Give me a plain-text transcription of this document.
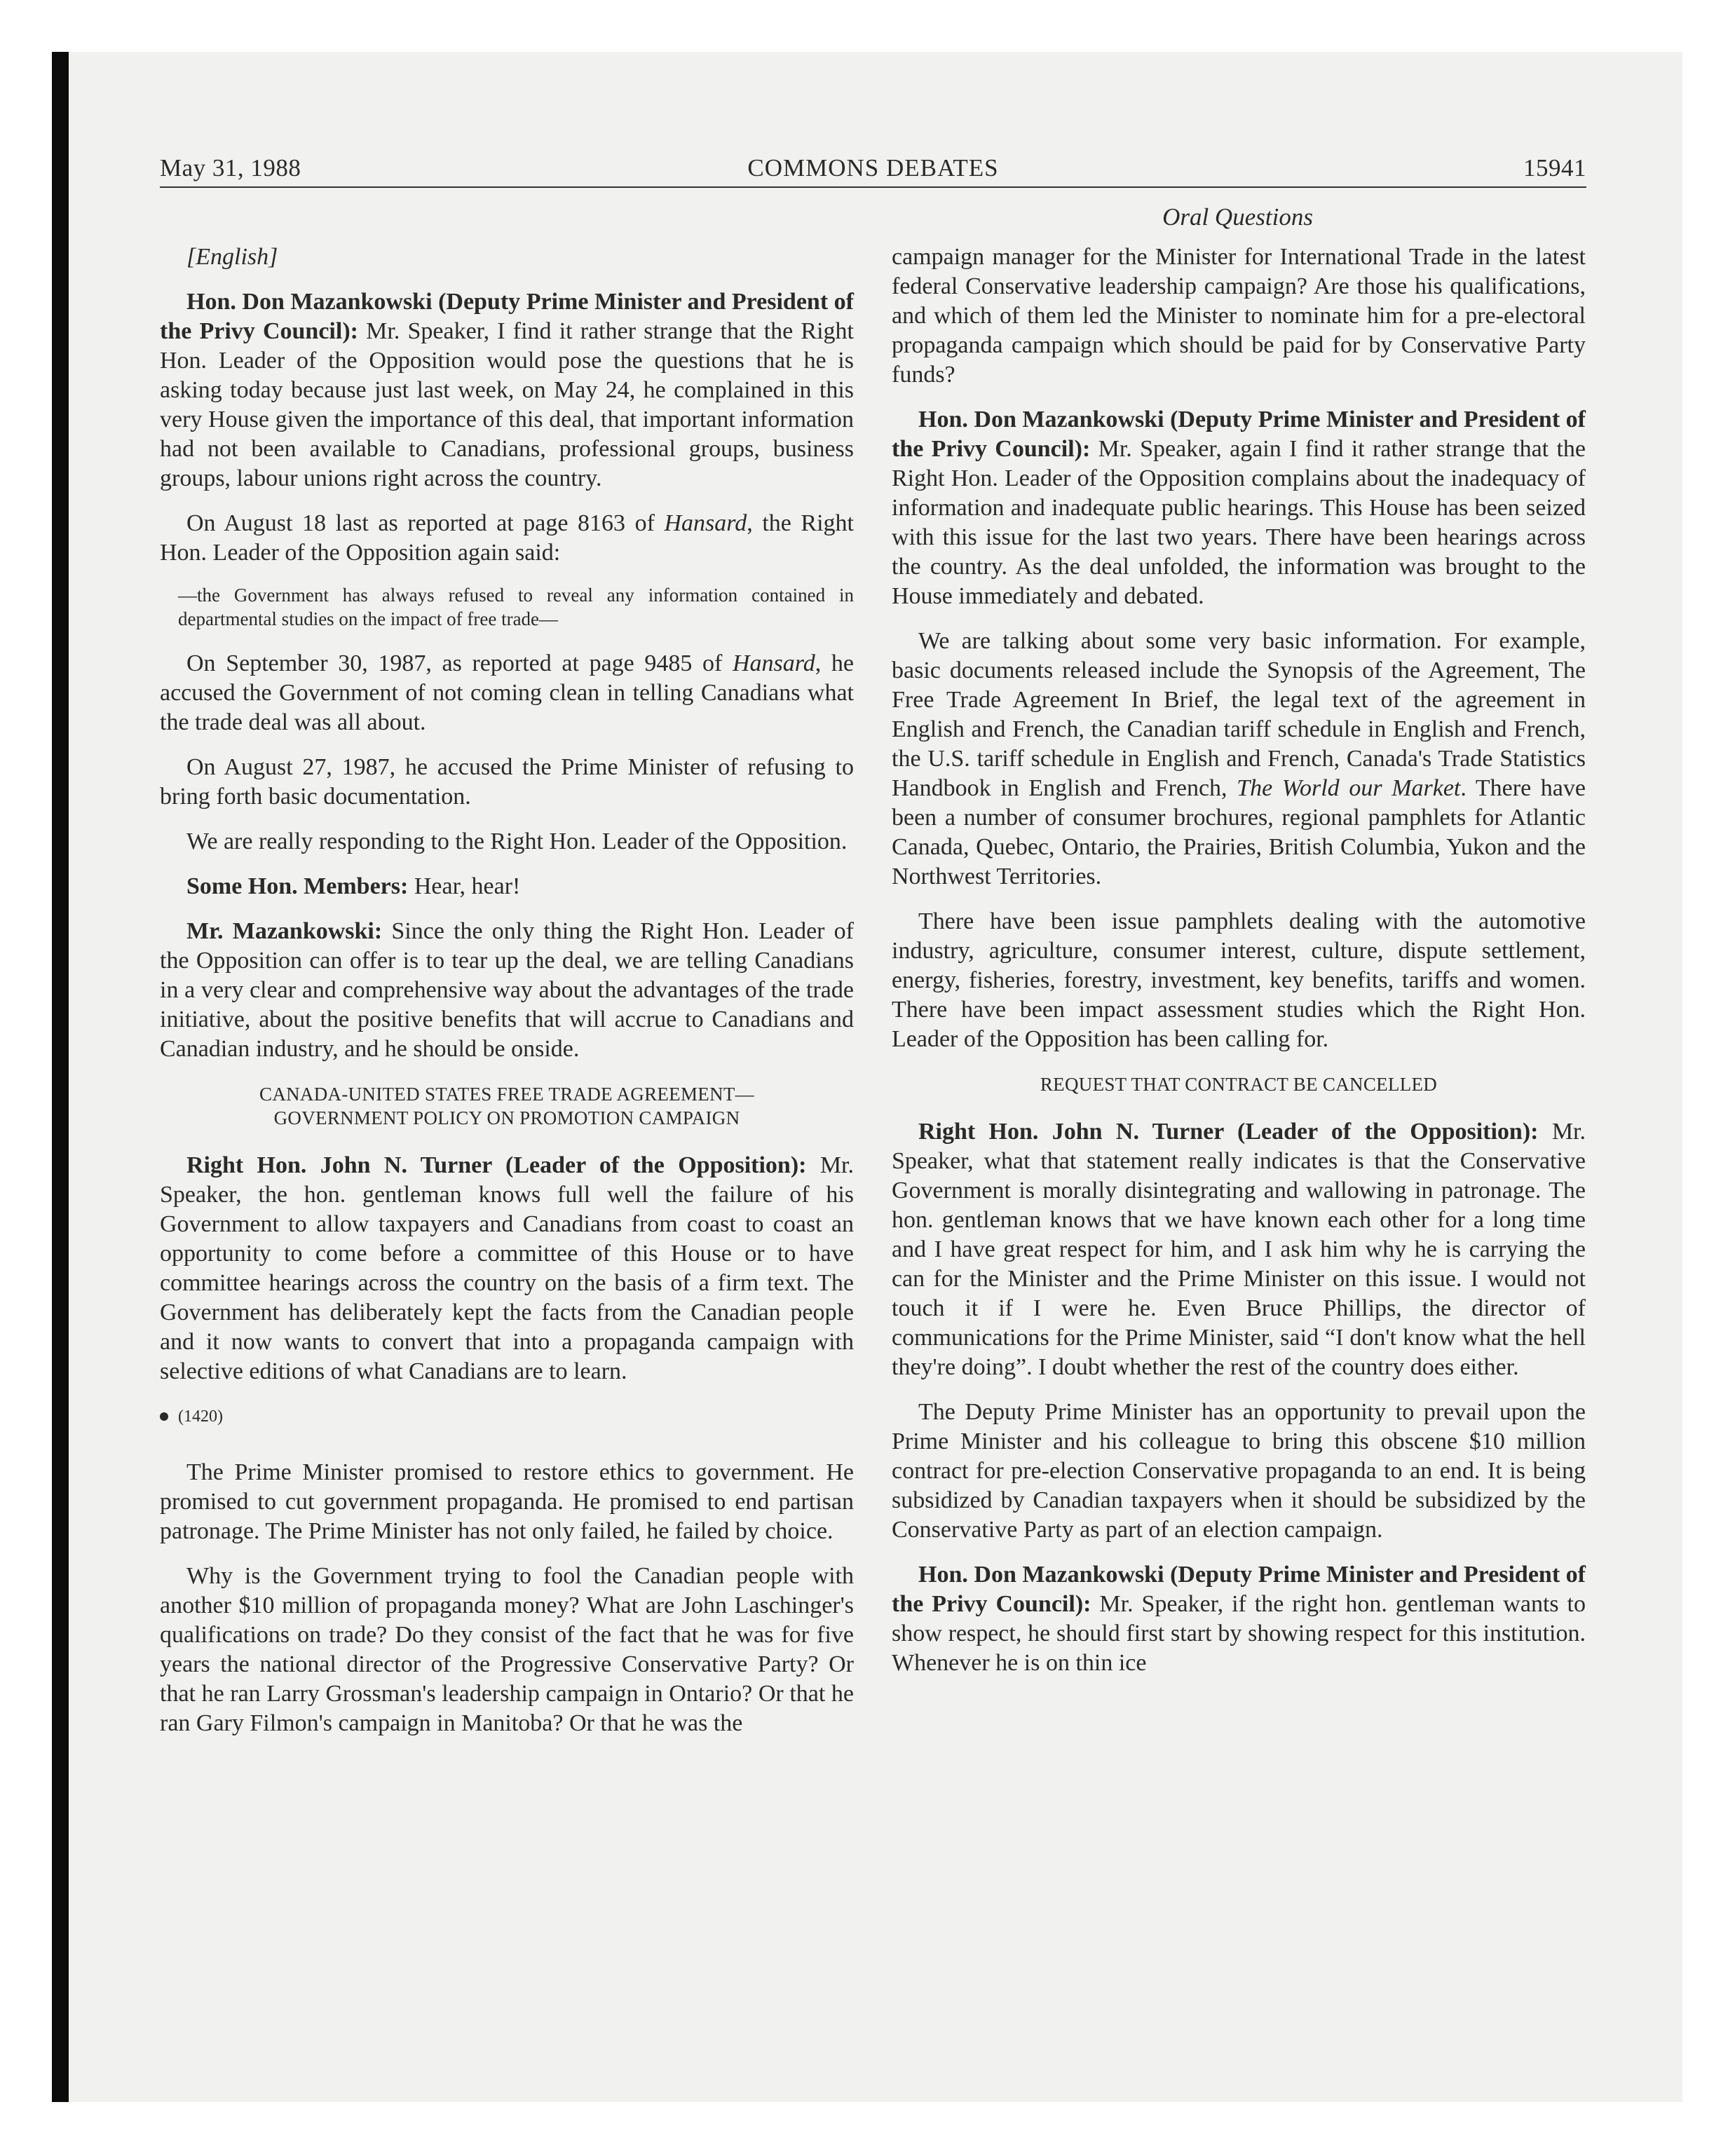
May 31, 1988	COMMONS DEBATES	15941
Oral Questions

[English]

Hon. Don Mazankowski (Deputy Prime Minister and President of the Privy Council): Mr. Speaker, I find it rather strange that the Right Hon. Leader of the Opposition would pose the questions that he is asking today because just last week, on May 24, he complained in this very House given the importance of this deal, that important information had not been available to Canadians, professional groups, business groups, labour unions right across the country.

On August 18 last as reported at page 8163 of Hansard, the Right Hon. Leader of the Opposition again said:

—the Government has always refused to reveal any information contained in departmental studies on the impact of free trade—

On September 30, 1987, as reported at page 9485 of Hansard, he accused the Government of not coming clean in telling Canadians what the trade deal was all about.

On August 27, 1987, he accused the Prime Minister of refusing to bring forth basic documentation.

We are really responding to the Right Hon. Leader of the Opposition.

Some Hon. Members: Hear, hear!

Mr. Mazankowski: Since the only thing the Right Hon. Leader of the Opposition can offer is to tear up the deal, we are telling Canadians in a very clear and comprehensive way about the advantages of the trade initiative, about the positive benefits that will accrue to Canadians and Canadian industry, and he should be onside.

CANADA-UNITED STATES FREE TRADE AGREEMENT—
GOVERNMENT POLICY ON PROMOTION CAMPAIGN

Right Hon. John N. Turner (Leader of the Opposition): Mr. Speaker, the hon. gentleman knows full well the failure of his Government to allow taxpayers and Canadians from coast to coast an opportunity to come before a committee of this House or to have committee hearings across the country on the basis of a firm text. The Government has deliberately kept the facts from the Canadian people and it now wants to convert that into a propaganda campaign with selective editions of what Canadians are to learn.

(1420)

The Prime Minister promised to restore ethics to government. He promised to cut government propaganda. He promised to end partisan patronage. The Prime Minister has not only failed, he failed by choice.

Why is the Government trying to fool the Canadian people with another $10 million of propaganda money? What are John Laschinger's qualifications on trade? Do they consist of the fact that he was for five years the national director of the Progressive Conservative Party? Or that he ran Larry Grossman's leadership campaign in Ontario? Or that he ran Gary Filmon's campaign in Manitoba? Or that he was the

campaign manager for the Minister for International Trade in the latest federal Conservative leadership campaign? Are those his qualifications, and which of them led the Minister to nominate him for a pre-electoral propaganda campaign which should be paid for by Conservative Party funds?

Hon. Don Mazankowski (Deputy Prime Minister and President of the Privy Council): Mr. Speaker, again I find it rather strange that the Right Hon. Leader of the Opposition complains about the inadequacy of information and inadequate public hearings. This House has been seized with this issue for the last two years. There have been hearings across the country. As the deal unfolded, the information was brought to the House immediately and debated.

We are talking about some very basic information. For example, basic documents released include the Synopsis of the Agreement, The Free Trade Agreement In Brief, the legal text of the agreement in English and French, the Canadian tariff schedule in English and French, the U.S. tariff schedule in English and French, Canada's Trade Statistics Handbook in English and French, The World our Market. There have been a number of consumer brochures, regional pamphlets for Atlantic Canada, Quebec, Ontario, the Prairies, British Columbia, Yukon and the Northwest Territories.

There have been issue pamphlets dealing with the automotive industry, agriculture, consumer interest, culture, dispute settlement, energy, fisheries, forestry, investment, key benefits, tariffs and women. There have been impact assessment studies which the Right Hon. Leader of the Opposition has been calling for.

REQUEST THAT CONTRACT BE CANCELLED

Right Hon. John N. Turner (Leader of the Opposition): Mr. Speaker, what that statement really indicates is that the Conservative Government is morally disintegrating and wallowing in patronage. The hon. gentleman knows that we have known each other for a long time and I have great respect for him, and I ask him why he is carrying the can for the Minister and the Prime Minister on this issue. I would not touch it if I were he. Even Bruce Phillips, the director of communications for the Prime Minister, said “I don't know what the hell they're doing”. I doubt whether the rest of the country does either.

The Deputy Prime Minister has an opportunity to prevail upon the Prime Minister and his colleague to bring this obscene $10 million contract for pre-election Conservative propaganda to an end. It is being subsidized by Canadian taxpayers when it should be subsidized by the Conservative Party as part of an election campaign.

Hon. Don Mazankowski (Deputy Prime Minister and President of the Privy Council): Mr. Speaker, if the right hon. gentleman wants to show respect, he should first start by showing respect for this institution. Whenever he is on thin ice
